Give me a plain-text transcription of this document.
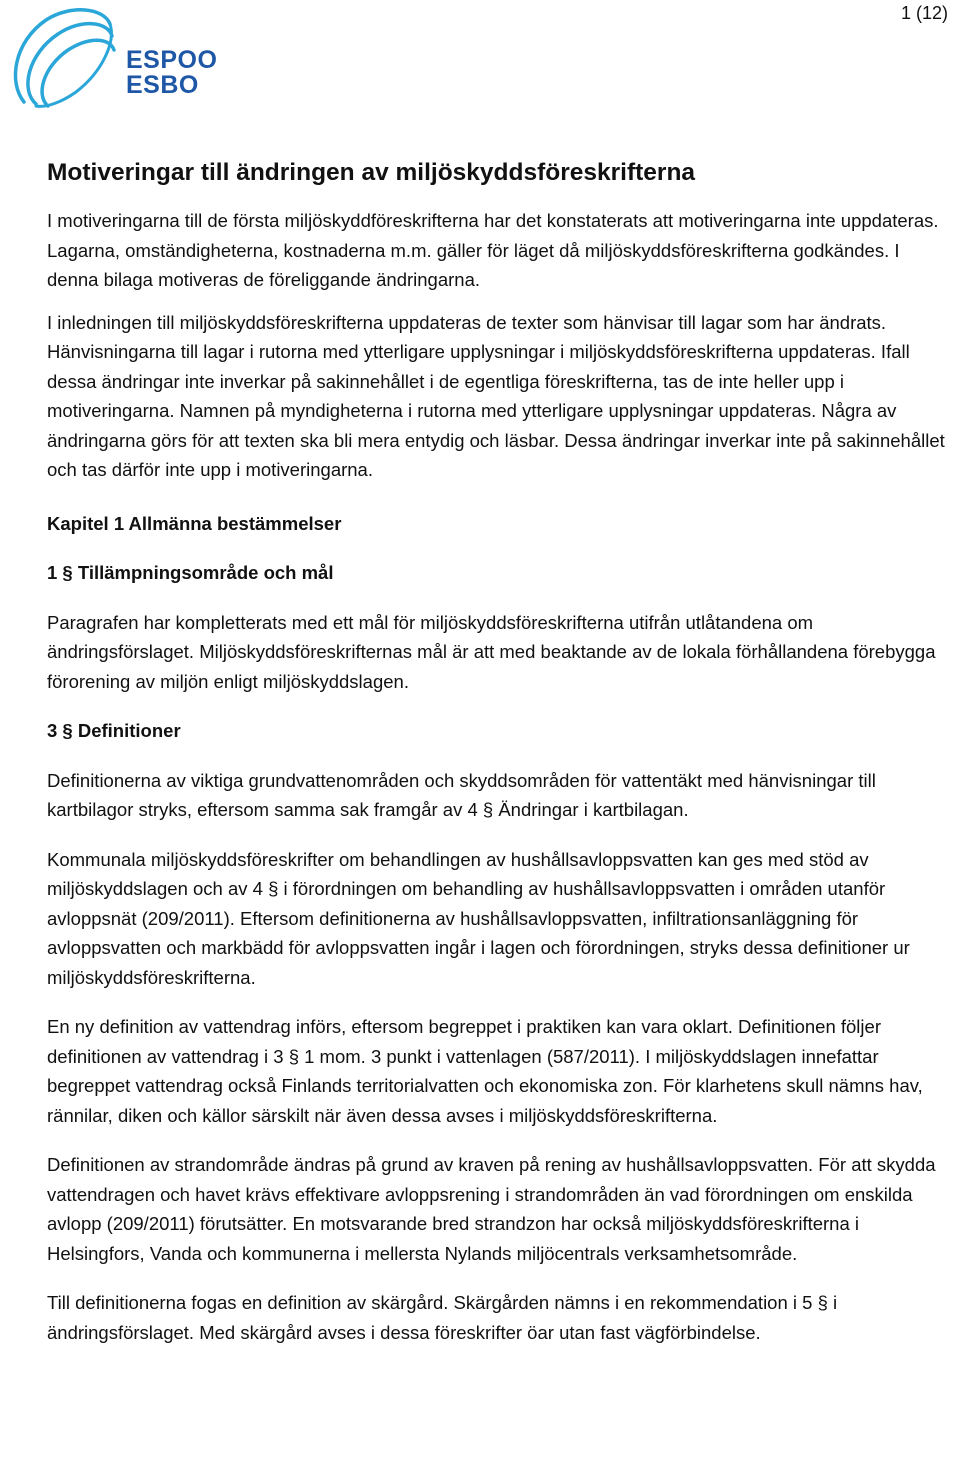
1 (12)
ESPOO
ESBO
Motiveringar till ändringen av miljöskyddsföreskrifterna

I motiveringarna till de första miljöskyddföreskrifterna har det konstaterats att motiveringarna inte uppdateras. Lagarna, omständigheterna, kostnaderna m.m. gäller för läget då miljöskyddsföreskrifterna godkändes. I denna bilaga motiveras de föreliggande ändringarna.

I inledningen till miljöskyddsföreskrifterna uppdateras de texter som hänvisar till lagar som har ändrats. Hänvisningarna till lagar i rutorna med ytterligare upplysningar i miljöskyddsföreskrifterna uppdateras. Ifall dessa ändringar inte inverkar på sakinnehållet i de egentliga föreskrifterna, tas de inte heller upp i motiveringarna. Namnen på myndigheterna i rutorna med ytterligare upplysningar uppdateras. Några av ändringarna görs för att texten ska bli mera entydig och läsbar. Dessa ändringar inverkar inte på sakinnehållet och tas därför inte upp i motiveringarna.

Kapitel 1 Allmänna bestämmelser
1 § Tillämpningsområde och mål

Paragrafen har kompletterats med ett mål för miljöskyddsföreskrifterna utifrån utlåtandena om ändringsförslaget. Miljöskyddsföreskrifternas mål är att med beaktande av de lokala förhållandena förebygga förorening av miljön enligt miljöskyddslagen.

3 § Definitioner

Definitionerna av viktiga grundvattenområden och skyddsområden för vattentäkt med hänvisningar till kartbilagor stryks, eftersom samma sak framgår av 4 § Ändringar i kartbilagan.

Kommunala miljöskyddsföreskrifter om behandlingen av hushållsavloppsvatten kan ges med stöd av miljöskyddslagen och av 4 § i förordningen om behandling av hushållsavloppsvatten i områden utanför avloppsnät (209/2011). Eftersom definitionerna av hushållsavloppsvatten, infiltrationsanläggning för avloppsvatten och markbädd för avloppsvatten ingår i lagen och förordningen, stryks dessa definitioner ur miljöskyddsföreskrifterna.

En ny definition av vattendrag införs, eftersom begreppet i praktiken kan vara oklart. Definitionen följer definitionen av vattendrag i 3 § 1 mom. 3 punkt i vattenlagen (587/2011). I miljöskyddslagen innefattar begreppet vattendrag också Finlands territorialvatten och ekonomiska zon. För klarhetens skull nämns hav, rännilar, diken och källor särskilt när även dessa avses i miljöskyddsföreskrifterna.

Definitionen av strandområde ändras på grund av kraven på rening av hushållsavloppsvatten. För att skydda vattendragen och havet krävs effektivare avloppsrening i strandområden än vad förordningen om enskilda avlopp (209/2011) förutsätter. En motsvarande bred strandzon har också miljöskyddsföreskrifterna i Helsingfors, Vanda och kommunerna i mellersta Nylands miljöcentrals verksamhetsområde.

Till definitionerna fogas en definition av skärgård. Skärgården nämns i en rekommendation i 5 § i ändringsförslaget. Med skärgård avses i dessa föreskrifter öar utan fast vägförbindelse.
